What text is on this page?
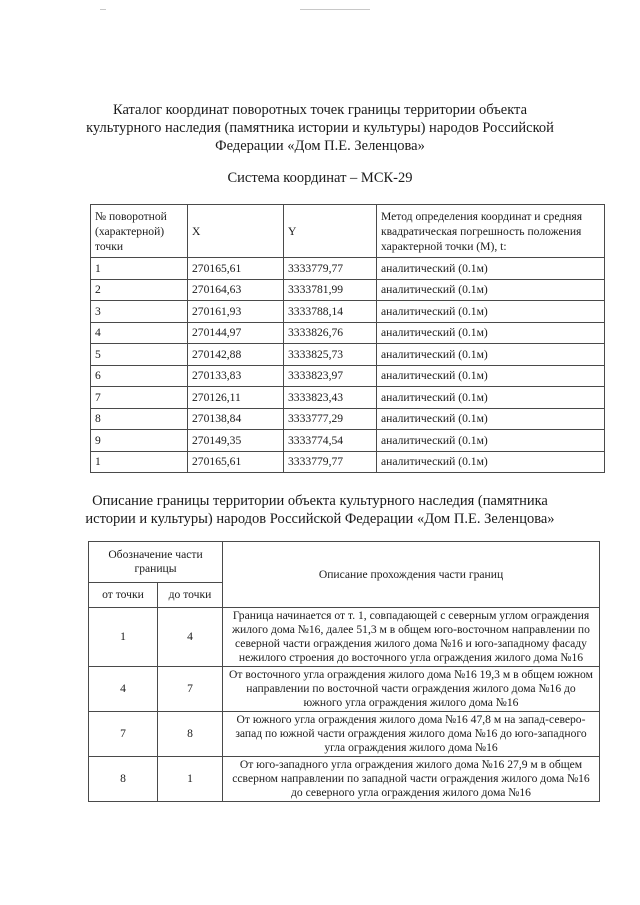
Каталог координат поворотных точек границы территории объекта
культурного наследия (памятника истории и культуры) народов Российской
Федерации «Дом П.Е. Зеленцова»
Система координат – МСК-29
№ поворотной (характерной) точки	X	Y	Метод определения координат и средняя квадратическая погрешность положения характерной точки (М), t:
1	270165,61	3333779,77	аналитический (0.1м)
2	270164,63	3333781,99	аналитический (0.1м)
3	270161,93	3333788,14	аналитический (0.1м)
4	270144,97	3333826,76	аналитический (0.1м)
5	270142,88	3333825,73	аналитический (0.1м)
6	270133,83	3333823,97	аналитический (0.1м)
7	270126,11	3333823,43	аналитический (0.1м)
8	270138,84	3333777,29	аналитический (0.1м)
9	270149,35	3333774,54	аналитический (0.1м)
1	270165,61	3333779,77	аналитический (0.1м)
Описание границы территории объекта культурного наследия (памятника
истории и культуры) народов Российской Федерации «Дом П.Е. Зеленцова»
Обозначение части границы		Описание прохождения части границ
от точки	до точки	
1	4	Граница начинается от т. 1, совпадающей с северным углом ограждения жилого дома №16, далее 51,3 м в общем юго-восточном направлении по северной части ограждения жилого дома №16 и юго-западному фасаду нежилого строения до восточного угла ограждения жилого дома №16
4	7	От восточного угла ограждения жилого дома №16 19,3 м в общем южном направлении по восточной части ограждения жилого дома №16 до южного угла ограждения жилого дома №16
7	8	От южного угла ограждения жилого дома №16 47,8 м на запад-северо-запад по южной части ограждения жилого дома №16 до юго-западного угла ограждения жилого дома №16
8	1	От юго-западного угла ограждения жилого дома №16 27,9 м в общем ссверном направлении по западной части ограждения жилого дома №16 до северного угла ограждения жилого дома №16
